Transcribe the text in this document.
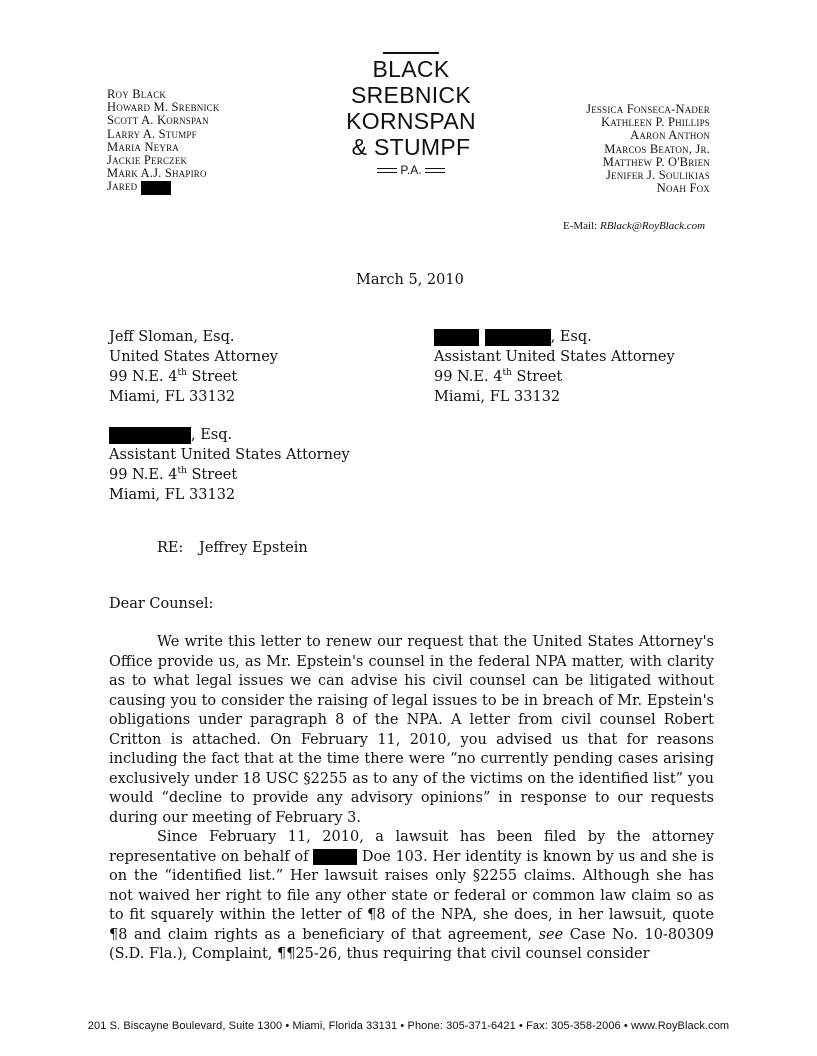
Roy Black
Howard M. Srebnick
Scott A. Kornspan
Larry A. Stumpf
Maria Neyra
Jackie Perczek
Mark A.J. Shapiro
Jared
BLACK
SREBNICK
KORNSPAN
& STUMPF
P.A.
Jessica Fonseca-Nader
Kathleen P. Phillips
Aaron Anthon
Marcos Beaton, Jr.
Matthew P. O'Brien
Jenifer J. Soulikias
Noah Fox
E-Mail: RBlack@RoyBlack.com
March 5, 2010
Jeff Sloman, Esq.
United States Attorney
99 N.E. 4th Street
Miami, FL 33132
, Esq.
Assistant United States Attorney
99 N.E. 4th Street
Miami, FL 33132
, Esq.
Assistant United States Attorney
99 N.E. 4th Street
Miami, FL 33132
RE: Jeffrey Epstein
Dear Counsel:

We write this letter to renew our request that the United States Attorney's Office provide us, as Mr. Epstein's counsel in the federal NPA matter, with clarity as to what legal issues we can advise his civil counsel can be litigated without causing you to consider the raising of legal issues to be in breach of Mr. Epstein's obligations under paragraph 8 of the NPA. A letter from civil counsel Robert Critton is attached. On February 11, 2010, you advised us that for reasons including the fact that at the time there were “no currently pending cases arising exclusively under 18 USC §2255 as to any of the victims on the identified list” you would “decline to provide any advisory opinions” in response to our requests during our meeting of February 3.

Since February 11, 2010, a lawsuit has been filed by the attorney representative on behalf of	Doe 103. Her identity is known by us and she is on the “identified list.” Her lawsuit raises only §2255 claims. Although she has not waived her right to file any other state or federal or common law claim so as to fit squarely within the letter of ¶8 of the NPA, she does, in her lawsuit, quote ¶8 and claim rights as a beneficiary of that agreement, see Case No. 10-80309 (S.D. Fla.), Complaint, ¶¶25-26, thus requiring that civil counsel consider

201 S. Biscayne Boulevard, Suite 1300 • Miami, Florida 33131 • Phone: 305-371-6421 • Fax: 305-358-2006 • www.RoyBlack.com
